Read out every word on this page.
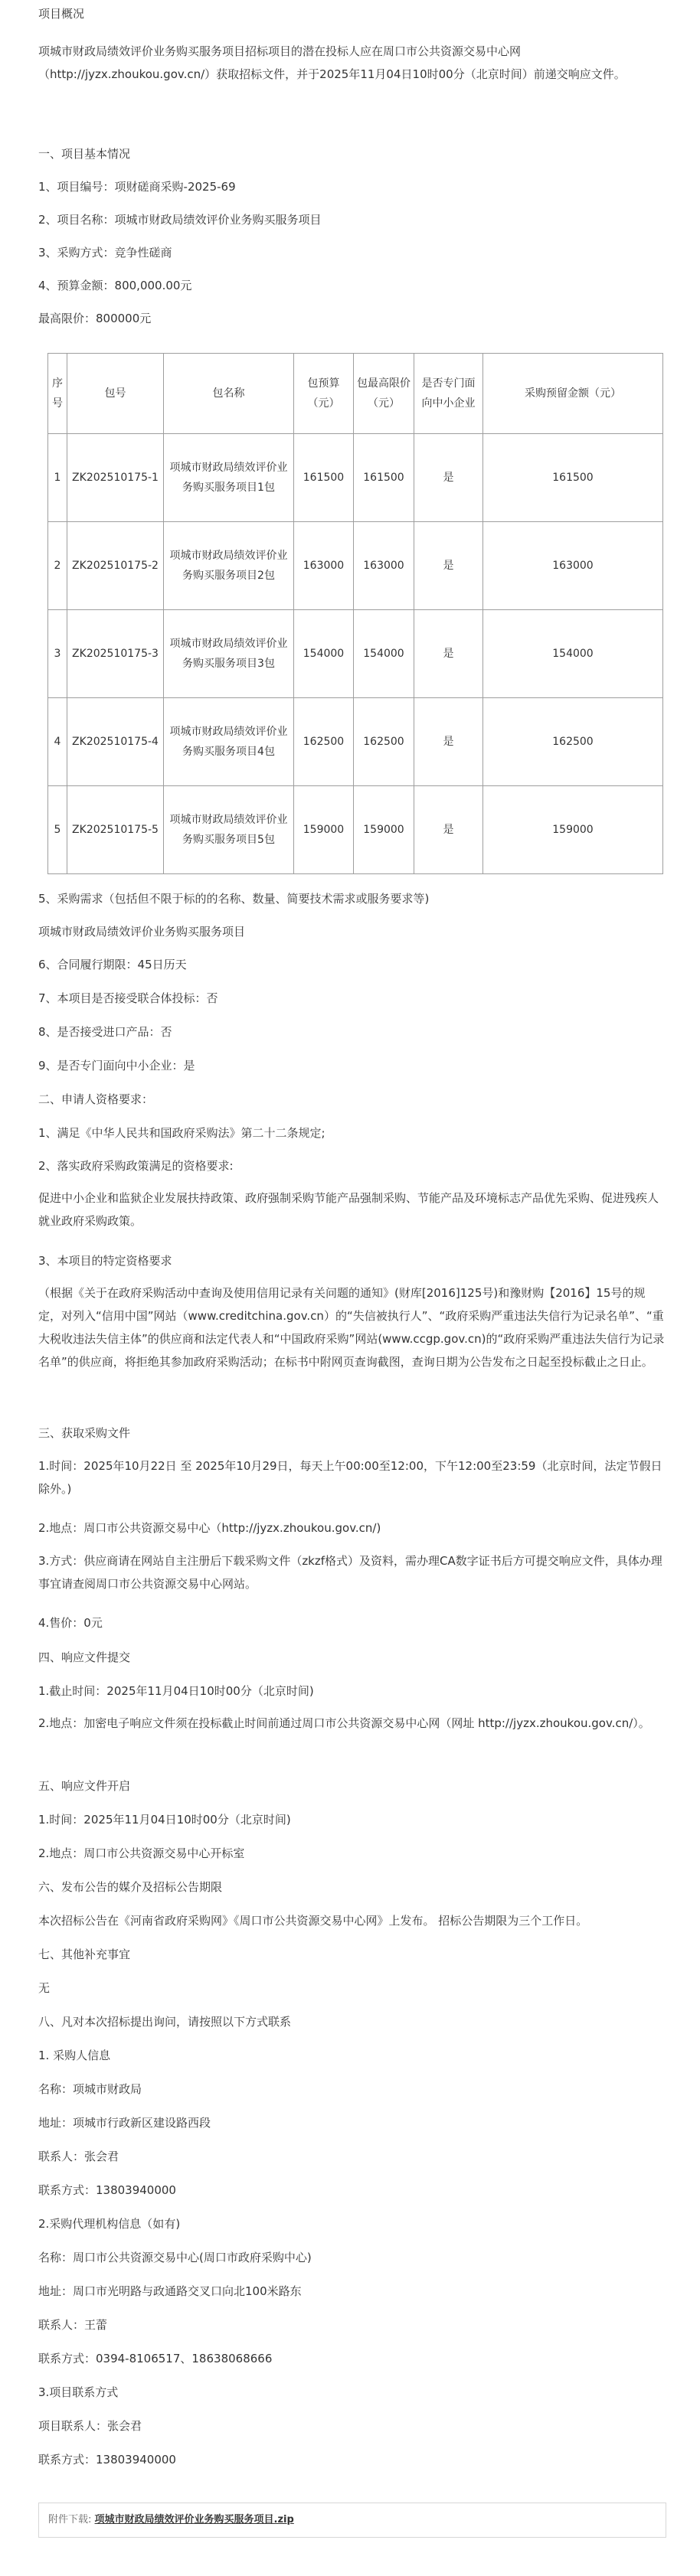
项目概况
项城市财政局绩效评价业务购买服务项目招标项目的潜在投标人应在周口市公共资源交易中心网（http://jyzx.zhoukou.gov.cn/）获取招标文件，并于2025年11月04日10时00分（北京时间）前递交响应文件。
一、项目基本情况
1、项目编号：项财磋商采购-2025-69
2、项目名称：项城市财政局绩效评价业务购买服务项目
3、采购方式：竞争性磋商
4、预算金额：800,000.00元
最高限价：800000元
序号	包号	包名称	包预算（元）	包最高限价（元）	是否专门面向中小企业	采购预留金额（元）
1	ZK202510175-1	项城市财政局绩效评价业务购买服务项目1包	161500	161500	是	161500
2	ZK202510175-2	项城市财政局绩效评价业务购买服务项目2包	163000	163000	是	163000
3	ZK202510175-3	项城市财政局绩效评价业务购买服务项目3包	154000	154000	是	154000
4	ZK202510175-4	项城市财政局绩效评价业务购买服务项目4包	162500	162500	是	162500
5	ZK202510175-5	项城市财政局绩效评价业务购买服务项目5包	159000	159000	是	159000
5、采购需求（包括但不限于标的的名称、数量、简要技术需求或服务要求等)
项城市财政局绩效评价业务购买服务项目
6、合同履行期限：45日历天
7、本项目是否接受联合体投标：否
8、是否接受进口产品：否
9、是否专门面向中小企业：是
二、申请人资格要求：
1、满足《中华人民共和国政府采购法》第二十二条规定;
2、落实政府采购政策满足的资格要求:
促进中小企业和监狱企业发展扶持政策、政府强制采购节能产品强制采购、节能产品及环境标志产品优先采购、促进残疾人就业政府采购政策。
3、本项目的特定资格要求
（根据《关于在政府采购活动中查询及使用信用记录有关问题的通知》(财库[2016]125号)和豫财购【2016】15号的规定，对列入“信用中国”网站（www.creditchina.gov.cn）的“失信被执行人”、“政府采购严重违法失信行为记录名单”、“重大税收违法失信主体”的供应商和法定代表人和“中国政府采购”网站(www.ccgp.gov.cn)的“政府采购严重违法失信行为记录名单”的供应商，将拒绝其参加政府采购活动；在标书中附网页查询截图，查询日期为公告发布之日起至投标截止之日止。
三、获取采购文件
1.时间：2025年10月22日 至 2025年10月29日，每天上午00:00至12:00，下午12:00至23:59（北京时间，法定节假日除外。)
2.地点：周口市公共资源交易中心（http://jyzx.zhoukou.gov.cn/)
3.方式：供应商请在网站自主注册后下载采购文件（zkzf格式）及资料，需办理CA数字证书后方可提交响应文件，具体办理事宜请查阅周口市公共资源交易中心网站。
4.售价：0元
四、响应文件提交
1.截止时间：2025年11月04日10时00分（北京时间)
2.地点：加密电子响应文件须在投标截止时间前通过周口市公共资源交易中心网（网址 http://jyzx.zhoukou.gov.cn/）。
五、响应文件开启
1.时间：2025年11月04日10时00分（北京时间)
2.地点：周口市公共资源交易中心开标室
六、发布公告的媒介及招标公告期限
本次招标公告在《河南省政府采购网》《周口市公共资源交易中心网》上发布。 招标公告期限为三个工作日。
七、其他补充事宜
无
八、凡对本次招标提出询问，请按照以下方式联系
1. 采购人信息
名称：项城市财政局
地址：项城市行政新区建设路西段
联系人：张会君
联系方式：13803940000
2.采购代理机构信息（如有)
名称：周口市公共资源交易中心(周口市政府采购中心)
地址：周口市光明路与政通路交叉口向北100米路东
联系人：王蕾
联系方式：0394-8106517、18638068666
3.项目联系方式
项目联系人：张会君
联系方式：13803940000
附件下载: 项城市财政局绩效评价业务购买服务项目.zip
